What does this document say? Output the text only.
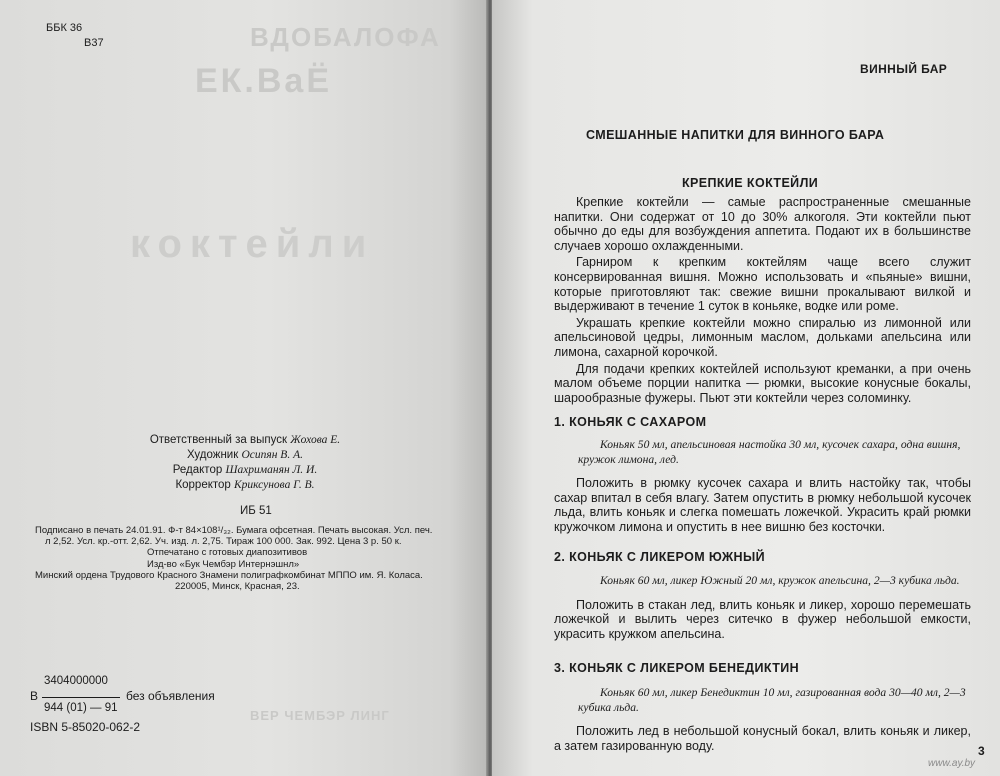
ВДОБАЛОФА
ЕК.ВаЁ
коктейли
ББК 36
В37
Ответственный за выпуск Жохова Е.
Художник Осипян В. А.
Редактор Шахриманян Л. И.
Корректор Криксунова Г. В.
ИБ 51
Подписано в печать 24.01.91. Ф-т 84×108¹/₃₂. Бумага офсетная. Печать высокая. Усл. печ.
л 2,52. Усл. кр.-отт. 2,62. Уч. изд. л. 2,75. Тираж 100 000. Зак. 992. Цена 3 р. 50 к.
Отпечатано с готовых диапозитивов
Изд-во «Бук Чембэр Интернэшнл»
Минский ордена Трудового Красного Знамени полиграфкомбинат МППО им. Я. Коласа.
220005, Минск, Красная, 23.
3404000000
В	без объявления
944 (01) — 91
ISBN 5-85020-062-2
ВЕР ЧЕМБЭР ЛИНГ
ВИННЫЙ БАР
СМЕШАННЫЕ НАПИТКИ ДЛЯ ВИННОГО БАРА
КРЕПКИЕ КОКТЕЙЛИ

Крепкие коктейли — самые распространенные смешанные напитки. Они содержат от 10 до 30% алкоголя. Эти коктейли пьют обычно до еды для возбуждения аппетита. Подают их в большинстве случаев хорошо охлажденными.

Гарниром к крепким коктейлям чаще всего служит консервированная вишня. Можно использовать и «пьяные» вишни, которые приготовляют так: свежие вишни прокалывают вилкой и выдерживают в течение 1 суток в коньяке, водке или роме.

Украшать крепкие коктейли можно спиралью из лимонной или апельсиновой цедры, лимонным маслом, дольками апельсина или лимона, сахарной корочкой.

Для подачи крепких коктейлей используют креманки, а при очень малом объеме порции напитка — рюмки, высокие конусные бокалы, шарообразные фужеры. Пьют эти коктейли через соломинку.

1. КОНЬЯК С САХАРОМ

Коньяк 50 мл, апельсиновая настойка 30 мл, кусочек сахара, одна вишня, кружок лимона, лед.

Положить в рюмку кусочек сахара и влить настойку так, чтобы сахар впитал в себя влагу. Затем опустить в рюмку небольшой кусочек льда, влить коньяк и слегка помешать ложечкой. Украсить край рюмки кружочком лимона и опустить в нее вишню без косточки.

2. КОНЬЯК С ЛИКЕРОМ ЮЖНЫЙ

Коньяк 60 мл, ликер Южный 20 мл, кружок апельсина, 2—3 кубика льда.

Положить в стакан лед, влить коньяк и ликер, хорошо перемешать ложечкой и вылить через ситечко в фужер небольшой емкости, украсить кружком апельсина.

3. КОНЬЯК С ЛИКЕРОМ БЕНЕДИКТИН

Коньяк 60 мл, ликер Бенедиктин 10 мл, газированная вода 30—40 мл, 2—3 кубика льда.

Положить лед в небольшой конусный бокал, влить коньяк и ликер, а затем газированную воду.	3
www.ay.by
